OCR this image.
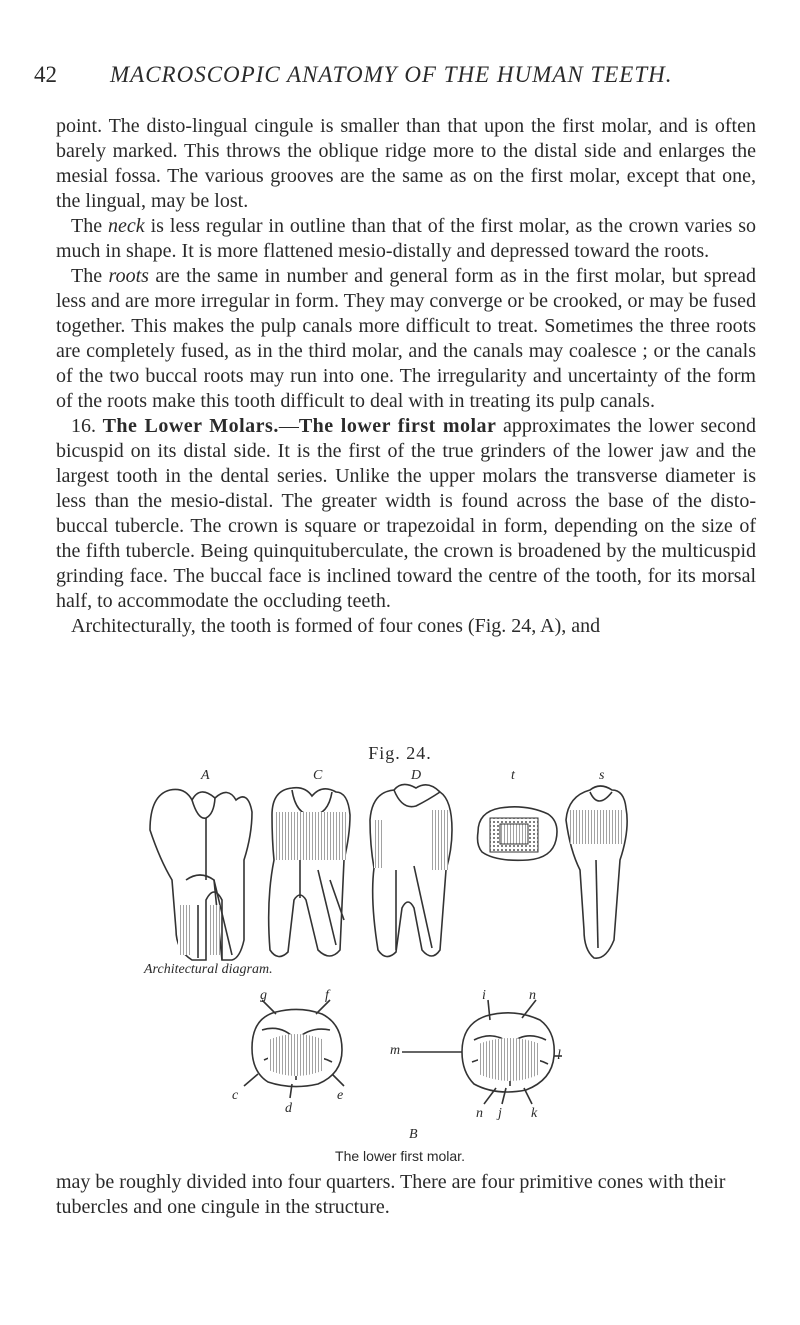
42 MACROSCOPIC ANATOMY OF THE HUMAN TEETH.

point. The disto-lingual cingule is smaller than that upon the first molar, and is often barely marked. This throws the oblique ridge more to the distal side and enlarges the mesial fossa. The various grooves are the same as on the first molar, except that one, the lingual, may be lost.

The neck is less regular in outline than that of the first molar, as the crown varies so much in shape. It is more flattened mesio-distally and depressed toward the roots.

The roots are the same in number and general form as in the first molar, but spread less and are more irregular in form. They may converge or be crooked, or may be fused together. This makes the pulp canals more difficult to treat. Sometimes the three roots are completely fused, as in the third molar, and the canals may coalesce ; or the canals of the two buccal roots may run into one. The irregularity and uncertainty of the form of the roots make this tooth difficult to deal with in treating its pulp canals.

16. The Lower Molars.—The lower first molar approximates the lower second bicuspid on its distal side. It is the first of the true grinders of the lower jaw and the largest tooth in the dental series. Unlike the upper molars the transverse diameter is less than the mesio-distal. The greater width is found across the base of the disto-buccal tubercle. The crown is square or trapezoidal in form, depending on the size of the fifth tubercle. Being quinquituberculate, the crown is broadened by the multicuspid grinding face. The buccal face is inclined toward the centre of the tooth, for its morsal half, to accommodate the occluding teeth.

Architecturally, the tooth is formed of four cones (Fig. 24, A), and

Fig. 24.
A	C	D	t	s
g	f
c
d
e
i	n
m	l
n j k
B
Architectural diagram.
The lower first molar.

may be roughly divided into four quarters. There are four primitive cones with their tubercles and one cingule in the structure.
